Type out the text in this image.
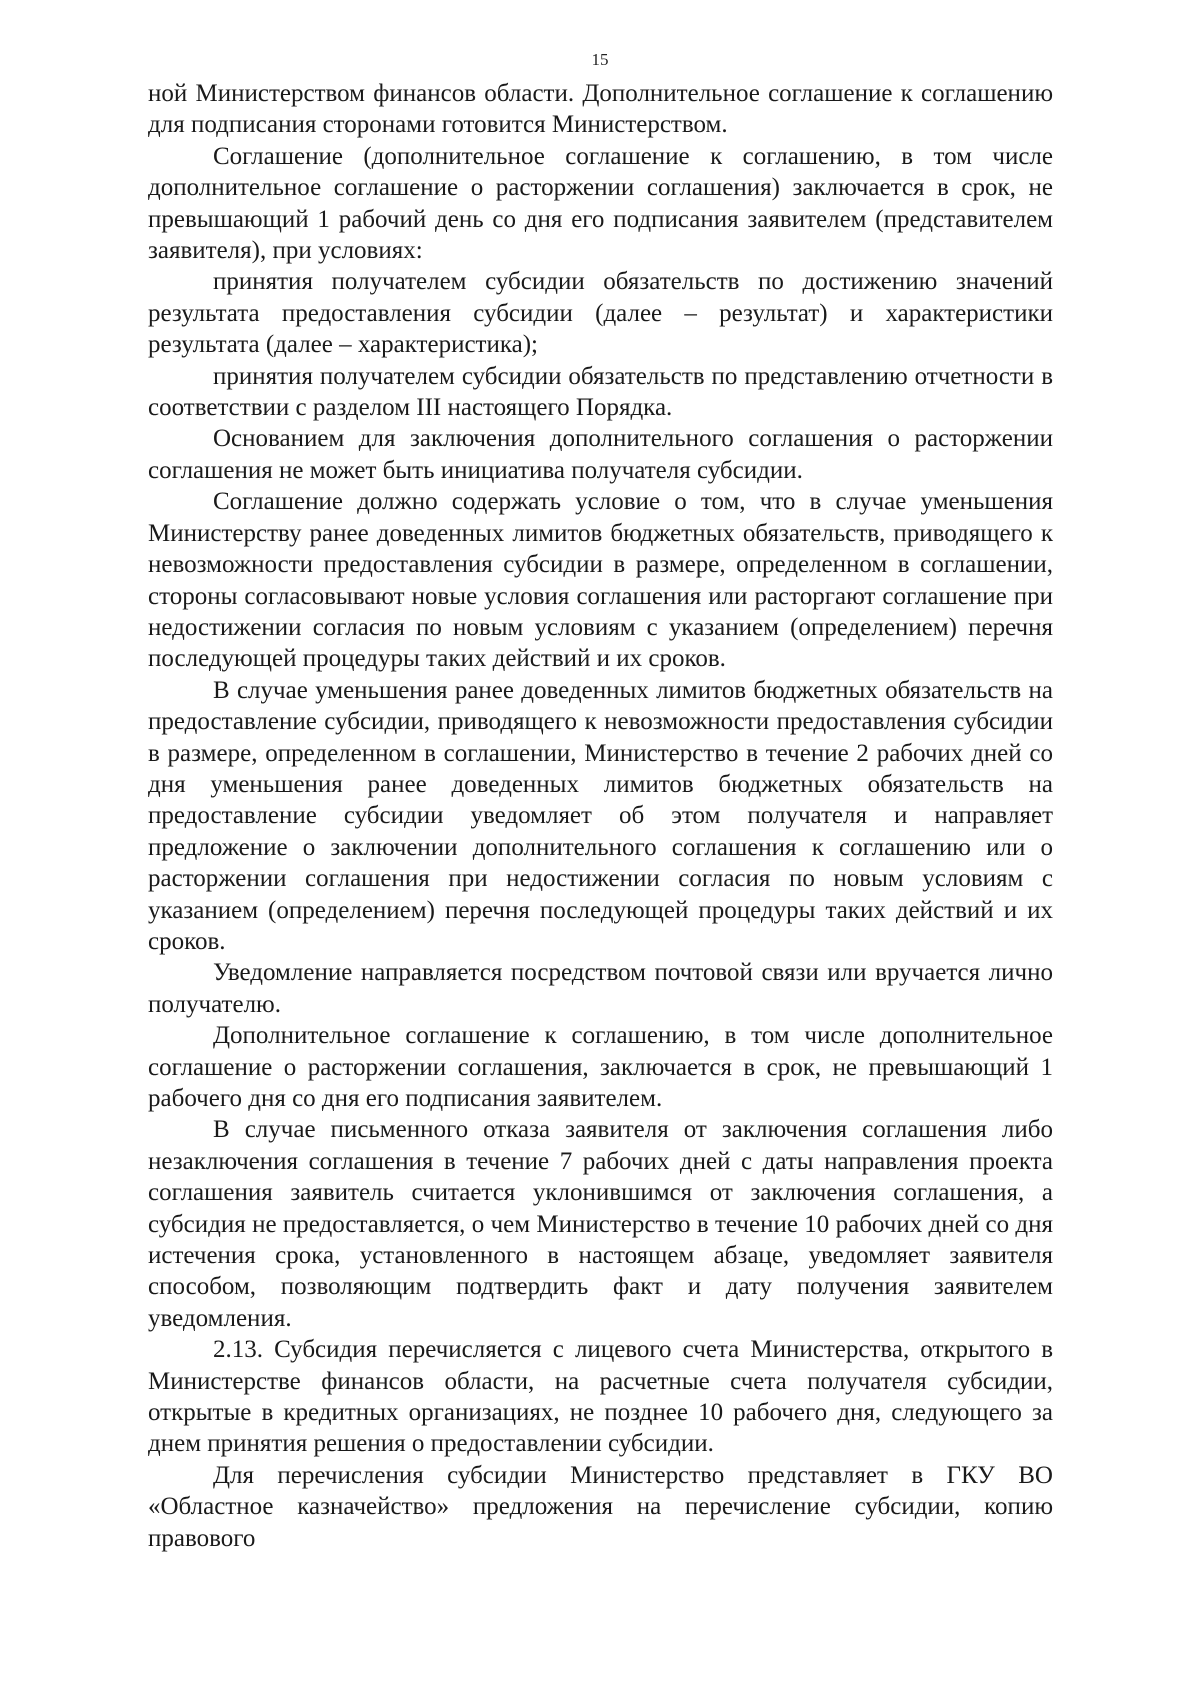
15

ной Министерством финансов области. Дополнительное соглашение к соглашению для подписания сторонами готовится Министерством.

Соглашение (дополнительное соглашение к соглашению, в том числе дополнительное соглашение о расторжении соглашения) заключается в срок, не превышающий 1 рабочий день со дня его подписания заявителем (представителем заявителя), при условиях:

принятия получателем субсидии обязательств по достижению значений результата предоставления субсидии (далее – результат) и характеристики результата (далее – характеристика);

принятия получателем субсидии обязательств по представлению отчетности в соответствии с разделом III настоящего Порядка.

Основанием для заключения дополнительного соглашения о расторжении соглашения не может быть инициатива получателя субсидии.

Соглашение должно содержать условие о том, что в случае уменьшения Министерству ранее доведенных лимитов бюджетных обязательств, приводящего к невозможности предоставления субсидии в размере, определенном в соглашении, стороны согласовывают новые условия соглашения или расторгают соглашение при недостижении согласия по новым условиям с указанием (определением) перечня последующей процедуры таких действий и их сроков.

В случае уменьшения ранее доведенных лимитов бюджетных обязательств на предоставление субсидии, приводящего к невозможности предоставления субсидии в размере, определенном в соглашении, Министерство в течение 2 рабочих дней со дня уменьшения ранее доведенных лимитов бюджетных обязательств на предоставление субсидии уведомляет об этом получателя и направляет предложение о заключении дополнительного соглашения к соглашению или о расторжении соглашения при недостижении согласия по новым условиям с указанием (определением) перечня последующей процедуры таких действий и их сроков.

Уведомление направляется посредством почтовой связи или вручается лично получателю.

Дополнительное соглашение к соглашению, в том числе дополнительное соглашение о расторжении соглашения, заключается в срок, не превышающий 1 рабочего дня со дня его подписания заявителем.

В случае письменного отказа заявителя от заключения соглашения либо незаключения соглашения в течение 7 рабочих дней с даты направления проекта соглашения заявитель считается уклонившимся от заключения соглашения, а субсидия не предоставляется, о чем Министерство в течение 10 рабочих дней со дня истечения срока, установленного в настоящем абзаце, уведомляет заявителя способом, позволяющим подтвердить факт и дату получения заявителем уведомления.

2.13. Субсидия перечисляется с лицевого счета Министерства, открытого в Министерстве финансов области, на расчетные счета получателя субсидии, открытые в кредитных организациях, не позднее 10 рабочего дня, следующего за днем принятия решения о предоставлении субсидии.

Для перечисления субсидии Министерство представляет в ГКУ ВО «Областное казначейство» предложения на перечисление субсидии, копию правового
